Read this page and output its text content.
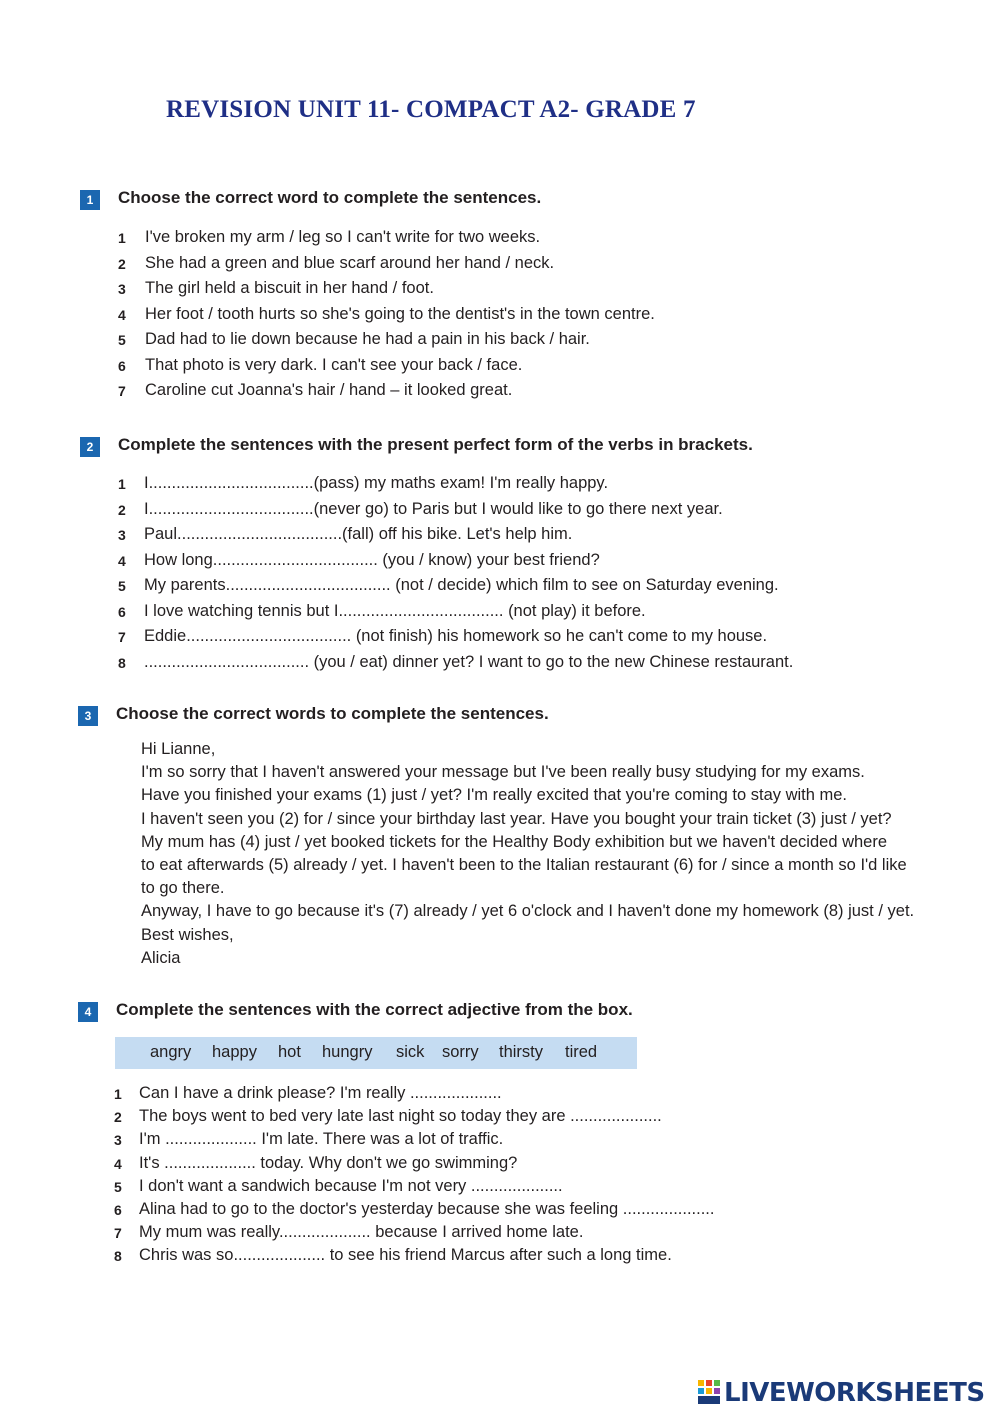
REVISION UNIT 11- COMPACT A2- GRADE 7
1	Choose the correct word to complete the sentences.
1 I've broken my arm / leg so I can't write for two weeks.
2 She had a green and blue scarf around her hand / neck.
3 The girl held a biscuit in her hand / foot.
4 Her foot / tooth hurts so she's going to the dentist's in the town centre.
5 Dad had to lie down because he had a pain in his back / hair.
6 That photo is very dark. I can't see your back / face.
7 Caroline cut Joanna's hair / hand – it looked great.
2	Complete the sentences with the present perfect form of the verbs in brackets.
1 I....................................(pass) my maths exam! I'm really happy.
2 I....................................(never go) to Paris but I would like to go there next year.
3 Paul....................................(fall) off his bike. Let's help him.
4 How long.................................... (you / know) your best friend?
5 My parents.................................... (not / decide) which film to see on Saturday evening.
6 I love watching tennis but I.................................... (not play) it before.
7 Eddie.................................... (not finish) his homework so he can't come to my house.
8 .................................... (you / eat) dinner yet? I want to go to the new Chinese restaurant.
3	Choose the correct words to complete the sentences.
Hi Lianne,
I'm so sorry that I haven't answered your message but I've been really busy studying for my exams.
Have you finished your exams (1) just / yet? I'm really excited that you're coming to stay with me.
I haven't seen you (2) for / since your birthday last year. Have you bought your train ticket (3) just / yet?
My mum has (4) just / yet booked tickets for the Healthy Body exhibition but we haven't decided where
to eat afterwards (5) already / yet. I haven't been to the Italian restaurant (6) for / since a month so I'd like
to go there.
Anyway, I have to go because it's (7) already / yet 6 o'clock and I haven't done my homework (8) just / yet.
Best wishes,
Alicia
4	Complete the sentences with the correct adjective from the box.
angry happy hot hungry sick sorry thirsty tired
1 Can I have a drink please? I'm really ....................
2 The boys went to bed very late last night so today they are ....................
3 I'm .................... I'm late. There was a lot of traffic.
4 It's .................... today. Why don't we go swimming?
5 I don't want a sandwich because I'm not very ....................
6 Alina had to go to the doctor's yesterday because she was feeling ....................
7 My mum was really.................... because I arrived home late.
8 Chris was so.................... to see his friend Marcus after such a long time.
LIVEWORKSHEETS
